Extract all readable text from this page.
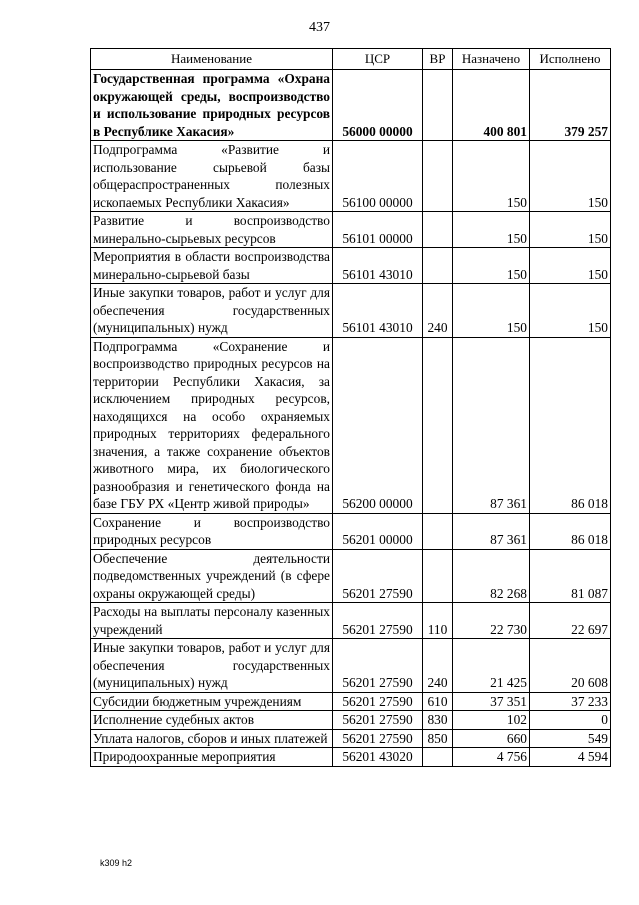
437
Наименование	ЦСР	ВР	Назначено	Исполнено
Государственная программа «Охрана окружающей среды, воспроизводство и использование природных ресурсов в Республике Хакасия»	56000 00000		400 801	379 257
Подпрограмма «Развитие и использование сырьевой базы общераспространенных полезных ископаемых Республики Хакасия»	56100 00000		150	150
Развитие и воспроизводство минерально-сырьевых ресурсов	56101 00000		150	150
Мероприятия в области воспроизводства минерально-сырьевой базы	56101 43010		150	150
Иные закупки товаров, работ и услуг для обеспечения государственных (муниципальных) нужд	56101 43010	240	150	150
Подпрограмма «Сохранение и воспроизводство природных ресурсов на территории Республики Хакасия, за исключением природных ресурсов, находящихся на особо охраняемых природных территориях федерального значения, а также сохранение объектов животного мира, их биологического разнообразия и генетического фонда на базе ГБУ РХ «Центр живой природы»	56200 00000		87 361	86 018
Сохранение и воспроизводство природных ресурсов	56201 00000		87 361	86 018
Обеспечение деятельности подведомственных учреждений (в сфере охраны окружающей среды)	56201 27590		82 268	81 087
Расходы на выплаты персоналу казенных учреждений	56201 27590	110	22 730	22 697
Иные закупки товаров, работ и услуг для обеспечения государственных (муниципальных) нужд	56201 27590	240	21 425	20 608
Субсидии бюджетным учреждениям	56201 27590	610	37 351	37 233
Исполнение судебных актов	56201 27590	830	102	0
Уплата налогов, сборов и иных платежей	56201 27590	850	660	549
Природоохранные мероприятия	56201 43020		4 756	4 594
k309 h2
